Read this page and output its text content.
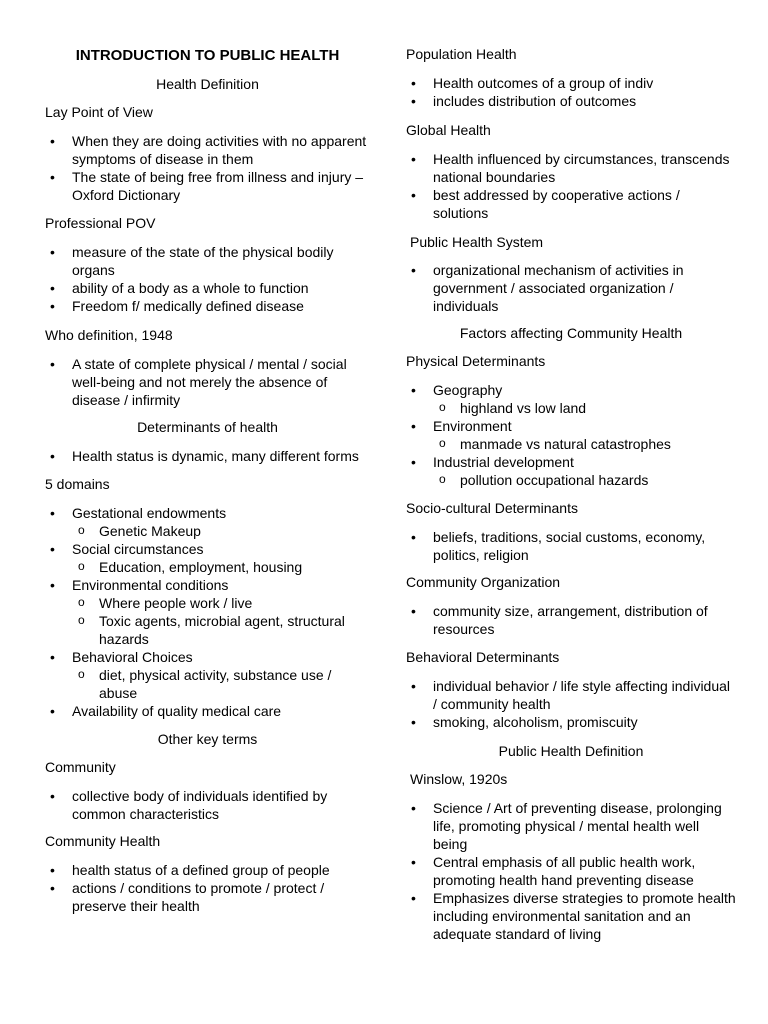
INTRODUCTION TO PUBLIC HEALTH

Health Definition
Lay Point of View
• When they are doing activities with no apparent symptoms of disease in them
• The state of being free from illness and injury – Oxford Dictionary
Professional POV
• measure of the state of the physical bodily organs
• ability of a body as a whole to function
• Freedom f/ medically defined disease
Who definition, 1948
• A state of complete physical / mental / social well-being and not merely the absence of disease / infirmity
Determinants of health
• Health status is dynamic, many different forms
5 domains
• Gestational endowments
o Genetic Makeup
• Social circumstances
o Education, employment, housing
• Environmental conditions
o Where people work / live
o Toxic agents, microbial agent, structural hazards
• Behavioral Choices
o diet, physical activity, substance use / abuse
• Availability of quality medical care
Other key terms
Community
• collective body of individuals identified by common characteristics
Community Health
• health status of a defined group of people
• actions / conditions to promote / protect / preserve their health
Population Health
• Health outcomes of a group of indiv
• includes distribution of outcomes
Global Health
• Health influenced by circumstances, transcends national boundaries
• best addressed by cooperative actions / solutions
Public Health System
• organizational mechanism of activities in government / associated organization / individuals
Factors affecting Community Health
Physical Determinants
• Geography
o highland vs low land
• Environment
o manmade vs natural catastrophes
• Industrial development
o pollution occupational hazards
Socio-cultural Determinants
• beliefs, traditions, social customs, economy, politics, religion
Community Organization
• community size, arrangement, distribution of resources
Behavioral Determinants
• individual behavior / life style affecting individual / community health
• smoking, alcoholism, promiscuity
Public Health Definition
Winslow, 1920s
• Science / Art of preventing disease, prolonging life, promoting physical / mental health well being
• Central emphasis of all public health work, promoting health hand preventing disease
• Emphasizes diverse strategies to promote health including environmental sanitation and an adequate standard of living
